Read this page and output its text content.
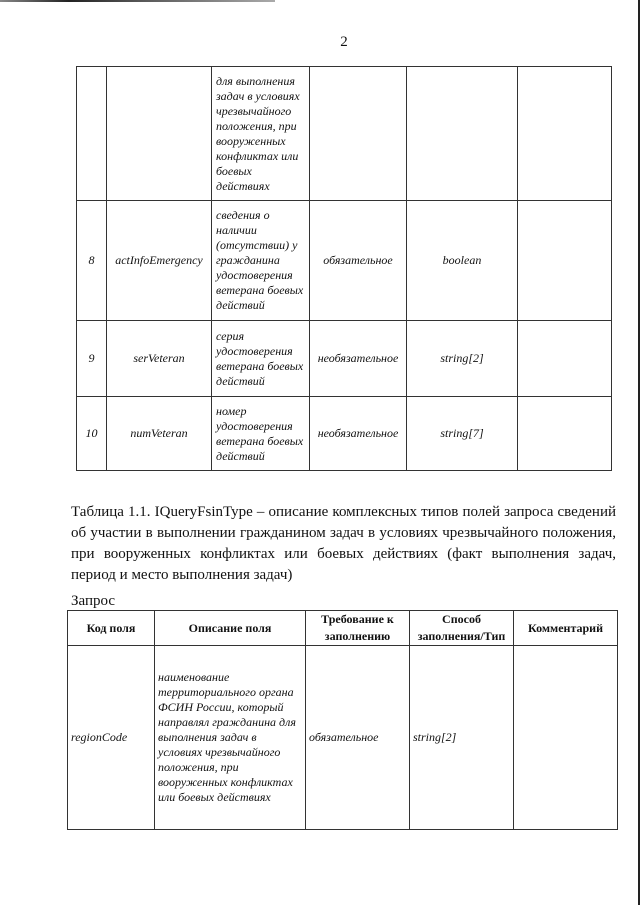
2
		для выполнения задач в условиях чрезвычайного положения, при вооруженных конфликтах или боевых действиях			
8	actInfoEmergency	сведения о наличии (отсутствии) у гражданина удостоверения ветерана боевых действий	обязательное	boolean	
9	serVeteran	серия удостоверения ветерана боевых действий	необязательное	string[2]	
10	numVeteran	номер удостоверения ветерана боевых действий	необязательное	string[7]	
Таблица 1.1. IQueryFsinType – описание комплексных типов полей запроса сведений об участии в выполнении гражданином задач в условиях чрезвычайного положения, при вооруженных конфликтах или боевых действиях (факт выполнения задач, период и место выполнения задач)
Запрос
Код поля	Описание поля	Требование к заполнению	Способ заполнения/Тип	Комментарий
regionCode	наименование территориального органа ФСИН России, который направлял гражданина для выполнения задач в условиях чрезвычайного положения, при вооруженных конфликтах или боевых действиях	обязательное	string[2]	
